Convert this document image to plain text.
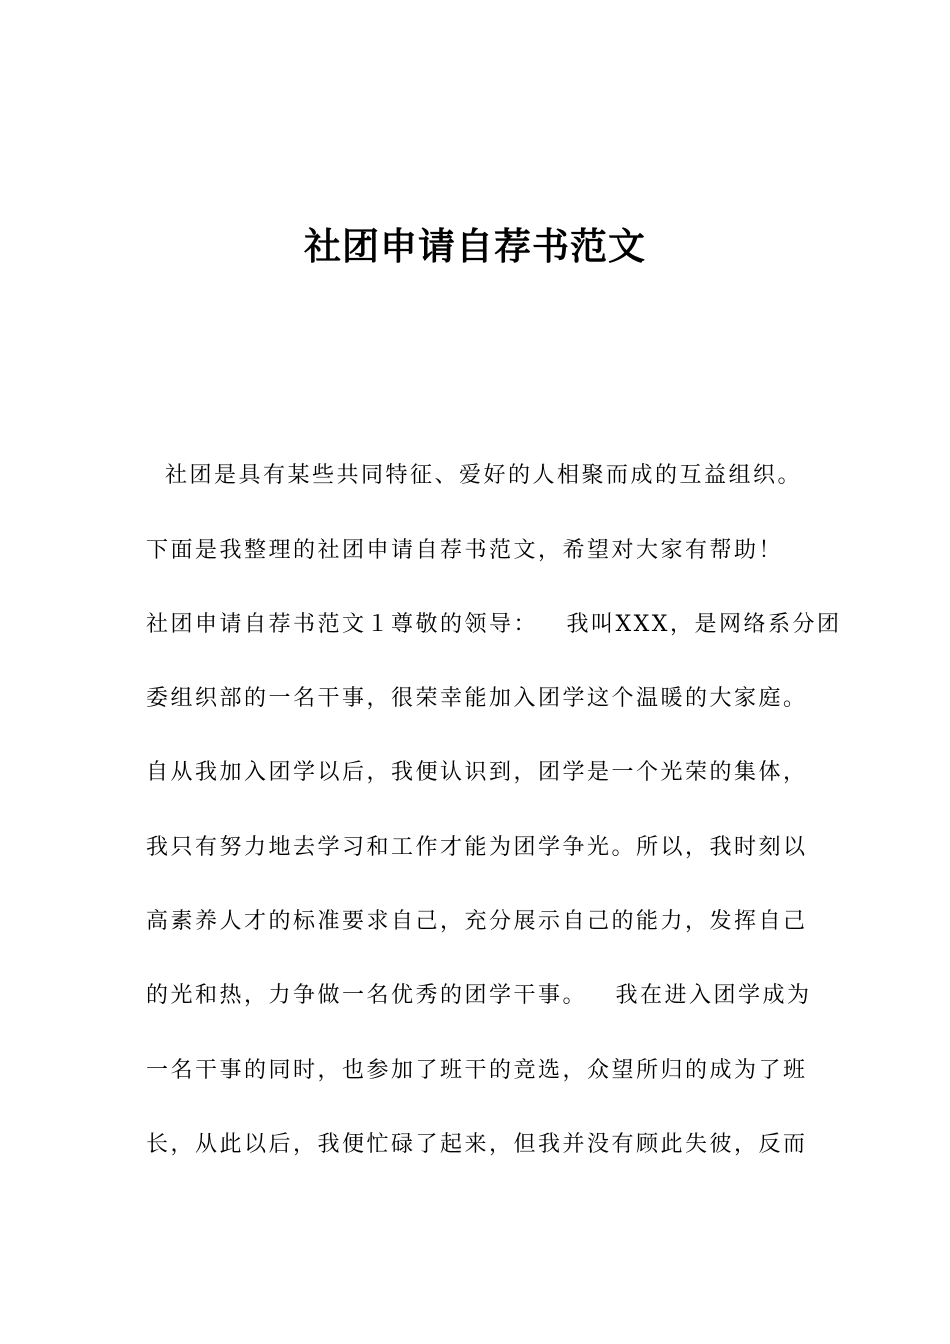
社团申请自荐书范文
社团是具有某些共同特征、爱好的人相聚而成的互益组织。
下面是我整理的社团申请自荐书范文，希望对大家有帮助！
社团申请自荐书范文１尊敬的领导：   我叫XXX，是网络系分团
委组织部的一名干事，很荣幸能加入团学这个温暖的大家庭。
自从我加入团学以后，我便认识到，团学是一个光荣的集体，
我只有努力地去学习和工作才能为团学争光。所以，我时刻以
高素养人才的标准要求自己，充分展示自己的能力，发挥自己
的光和热，力争做一名优秀的团学干事。   我在进入团学成为
一名干事的同时，也参加了班干的竞选，众望所归的成为了班
长，从此以后，我便忙碌了起来，但我并没有顾此失彼，反而
